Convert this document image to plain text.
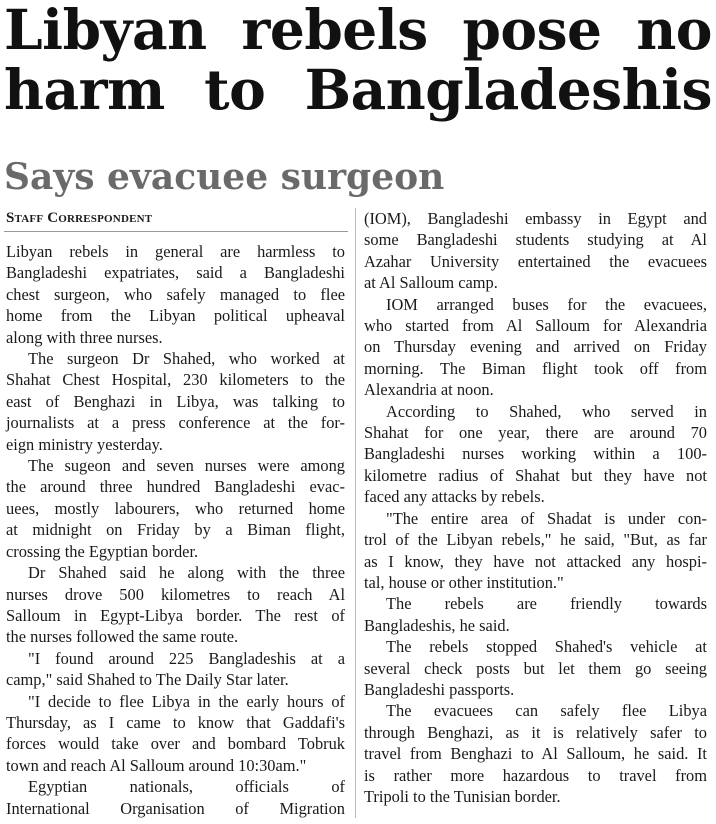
Libyan rebels pose no
harm to Bangladeshis
Says evacuee surgeon
Staff Correspondent
Libyan rebels in general are harmless to
Bangladeshi expatriates, said a Bangladeshi
chest surgeon, who safely managed to flee
home from the Libyan political upheaval
along with three nurses.
The surgeon Dr Shahed, who worked at
Shahat Chest Hospital, 230 kilometers to the
east of Benghazi in Libya, was talking to
journalists at a press conference at the for-
eign ministry yesterday.
The sugeon and seven nurses were among
the around three hundred Bangladeshi evac-
uees, mostly labourers, who returned home
at midnight on Friday by a Biman flight,
crossing the Egyptian border.
Dr Shahed said he along with the three
nurses drove 500 kilometres to reach Al
Salloum in Egypt-Libya border. The rest of
the nurses followed the same route.
"I found around 225 Bangladeshis at a
camp," said Shahed to The Daily Star later.
"I decide to flee Libya in the early hours of
Thursday, as I came to know that Gaddafi's
forces would take over and bombard Tobruk
town and reach Al Salloum around 10:30am."
Egyptian nationals, officials of
International Organisation of Migration
(IOM), Bangladeshi embassy in Egypt and
some Bangladeshi students studying at Al
Azahar University entertained the evacuees
at Al Salloum camp.
IOM arranged buses for the evacuees,
who started from Al Salloum for Alexandria
on Thursday evening and arrived on Friday
morning. The Biman flight took off from
Alexandria at noon.
According to Shahed, who served in
Shahat for one year, there are around 70
Bangladeshi nurses working within a 100-
kilometre radius of Shahat but they have not
faced any attacks by rebels.
"The entire area of Shadat is under con-
trol of the Libyan rebels," he said, "But, as far
as I know, they have not attacked any hospi-
tal, house or other institution."
The rebels are friendly towards
Bangladeshis, he said.
The rebels stopped Shahed's vehicle at
several check posts but let them go seeing
Bangladeshi passports.
The evacuees can safely flee Libya
through Benghazi, as it is relatively safer to
travel from Benghazi to Al Salloum, he said. It
is rather more hazardous to travel from
Tripoli to the Tunisian border.
